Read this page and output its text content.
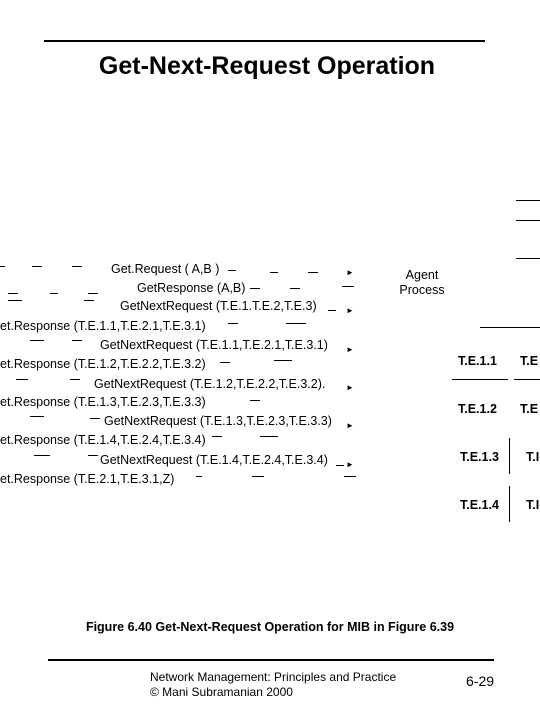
Get-Next-Request Operation
Agent
Process
Get.Request ( A,B )
GetResponse (A,B)
GetNextRequest (T.E.1.T.E.2,T.E.3)
et.Response (T.E.1.1,T.E.2.1,T.E.3.1)
GetNextRequest (T.E.1.1,T.E.2.1,T.E.3.1)
et.Response (T.E.1.2,T.E.2.2,T.E.3.2)
GetNextRequest (T.E.1.2,T.E.2.2,T.E.3.2).
et.Response (T.E.1.3,T.E.2.3,T.E.3.3)
GetNextRequest (T.E.1.3,T.E.2.3,T.E.3.3)
et.Response (T.E.1.4,T.E.2.4,T.E.3.4)
GetNextRequest (T.E.1.4,T.E.2.4,T.E.3.4)
et.Response (T.E.2.1,T.E.3.1,Z)
►
►
►
►
►
►
T.E.1.1 T.E
T.E.1.2 T.E
T.E.1.3 T.I
T.E.1.4 T.I
Figure 6.40 Get-Next-Request Operation for MIB in Figure 6.39
Network Management: Principles and Practice
© Mani Subramanian 2000
6-29
